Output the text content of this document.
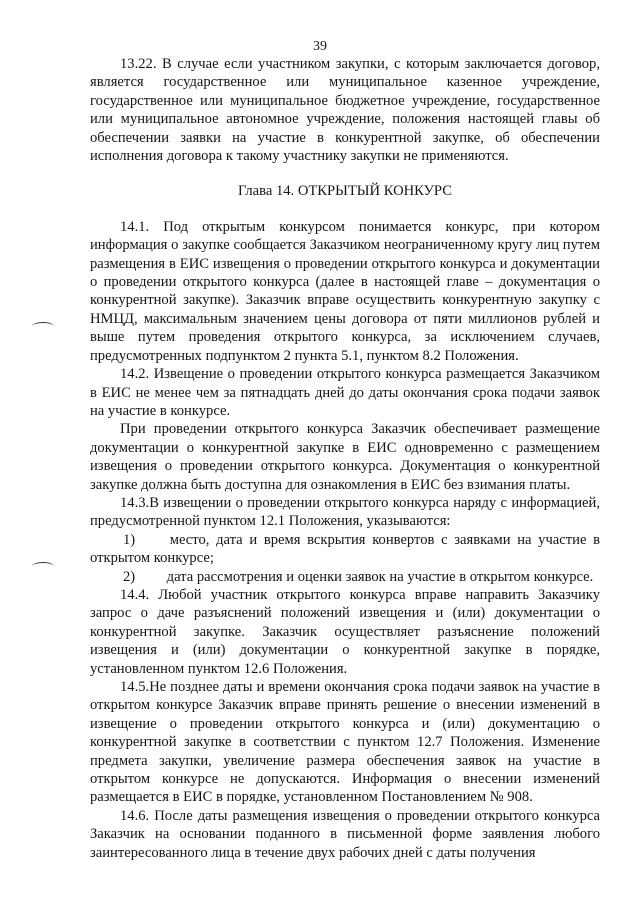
39

13.22. В случае если участником закупки, с которым заключается договор, является государственное или муниципальное казенное учреждение, государственное или муниципальное бюджетное учреждение, государственное или муниципальное автономное учреждение, положения настоящей главы об обеспечении заявки на участие в конкурентной закупке, об обеспечении исполнения договора к такому участнику закупки не применяются.

Глава 14. ОТКРЫТЫЙ КОНКУРС

14.1. Под открытым конкурсом понимается конкурс, при котором информация о закупке сообщается Заказчиком неограниченному кругу лиц путем размещения в ЕИС извещения о проведении открытого конкурса и документации о проведении открытого конкурса (далее в настоящей главе – документация о конкурентной закупке). Заказчик вправе осуществить конкурентную закупку с НМЦД, максимальным значением цены договора от пяти миллионов рублей и выше путем проведения открытого конкурса, за исключением случаев, предусмотренных подпунктом 2 пункта 5.1, пунктом 8.2 Положения.

14.2. Извещение о проведении открытого конкурса размещается Заказчиком в ЕИС не менее чем за пятнадцать дней до даты окончания срока подачи заявок на участие в конкурсе.

При проведении открытого конкурса Заказчик обеспечивает размещение документации о конкурентной закупке в ЕИС одновременно с размещением извещения о проведении открытого конкурса. Документация о конкурентной закупке должна быть доступна для ознакомления в ЕИС без взимания платы.

14.3.В извещении о проведении открытого конкурса наряду с информацией, предусмотренной пунктом 12.1 Положения, указываются:

1) место, дата и время вскрытия конвертов с заявками на участие в открытом конкурсе;

2) дата рассмотрения и оценки заявок на участие в открытом конкурсе.

14.4. Любой участник открытого конкурса вправе направить Заказчику запрос о даче разъяснений положений извещения и (или) документации о конкурентной закупке. Заказчик осуществляет разъяснение положений извещения и (или) документации о конкурентной закупке в порядке, установленном пунктом 12.6 Положения.

14.5.Не позднее даты и времени окончания срока подачи заявок на участие в открытом конкурсе Заказчик вправе принять решение о внесении изменений в извещение о проведении открытого конкурса и (или) документацию о конкурентной закупке в соответствии с пунктом 12.7 Положения. Изменение предмета закупки, увеличение размера обеспечения заявок на участие в открытом конкурсе не допускаются. Информация о внесении изменений размещается в ЕИС в порядке, установленном Постановлением № 908.

14.6. После даты размещения извещения о проведении открытого конкурса Заказчик на основании поданного в письменной форме заявления любого заинтересованного лица в течение двух рабочих дней с даты получения
